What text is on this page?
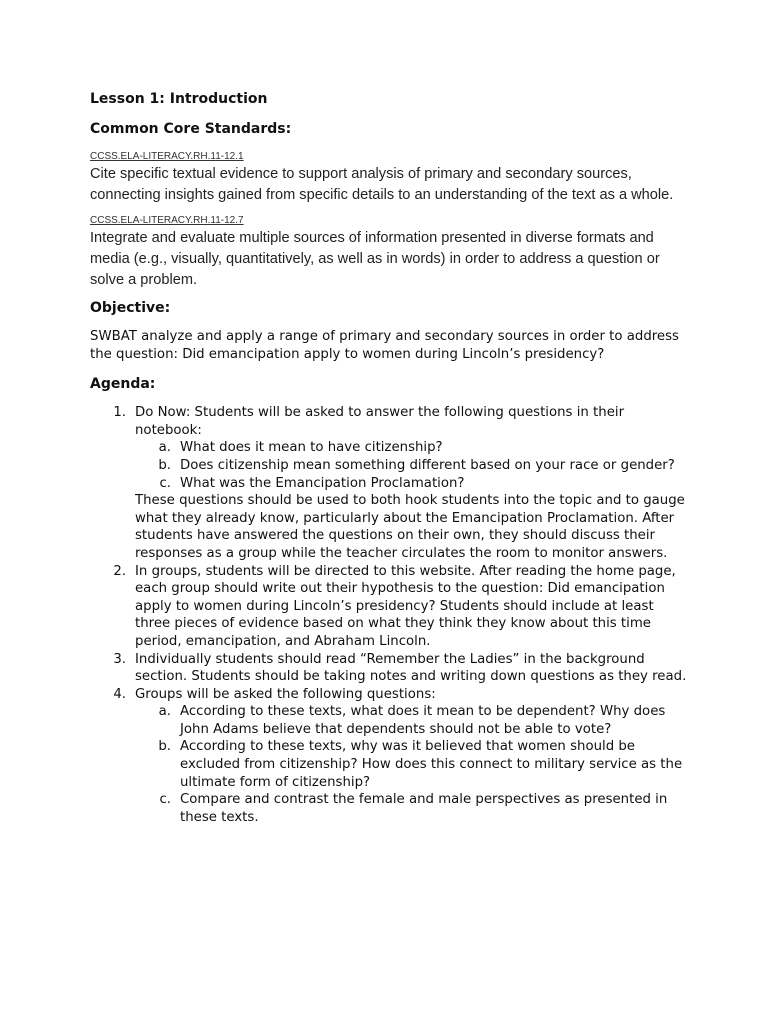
Lesson 1: Introduction

Common Core Standards:

CCSS.ELA-LITERACY.RH.11-12.1

Cite specific textual evidence to support analysis of primary and secondary sources, connecting insights gained from specific details to an understanding of the text as a whole.

CCSS.ELA-LITERACY.RH.11-12.7

Integrate and evaluate multiple sources of information presented in diverse formats and media (e.g., visually, quantitatively, as well as in words) in order to address a question or solve a problem.

Objective:

SWBAT analyze and apply a range of primary and secondary sources in order to address the question: Did emancipation apply to women during Lincoln’s presidency?

Agenda:

1. Do Now: Students will be asked to answer the following questions in their notebook:
a. What does it mean to have citizenship?
b. Does citizenship mean something different based on your race or gender?
c. What was the Emancipation Proclamation?
These questions should be used to both hook students into the topic and to gauge what they already know, particularly about the Emancipation Proclamation. After students have answered the questions on their own, they should discuss their responses as a group while the teacher circulates the room to monitor answers.
2. In groups, students will be directed to this website. After reading the home page, each group should write out their hypothesis to the question: Did emancipation apply to women during Lincoln’s presidency? Students should include at least three pieces of evidence based on what they think they know about this time period, emancipation, and Abraham Lincoln.
3. Individually students should read “Remember the Ladies” in the background section. Students should be taking notes and writing down questions as they read.
4. Groups will be asked the following questions:
a. According to these texts, what does it mean to be dependent? Why does John Adams believe that dependents should not be able to vote?
b. According to these texts, why was it believed that women should be excluded from citizenship? How does this connect to military service as the ultimate form of citizenship?
c. Compare and contrast the female and male perspectives as presented in these texts.
